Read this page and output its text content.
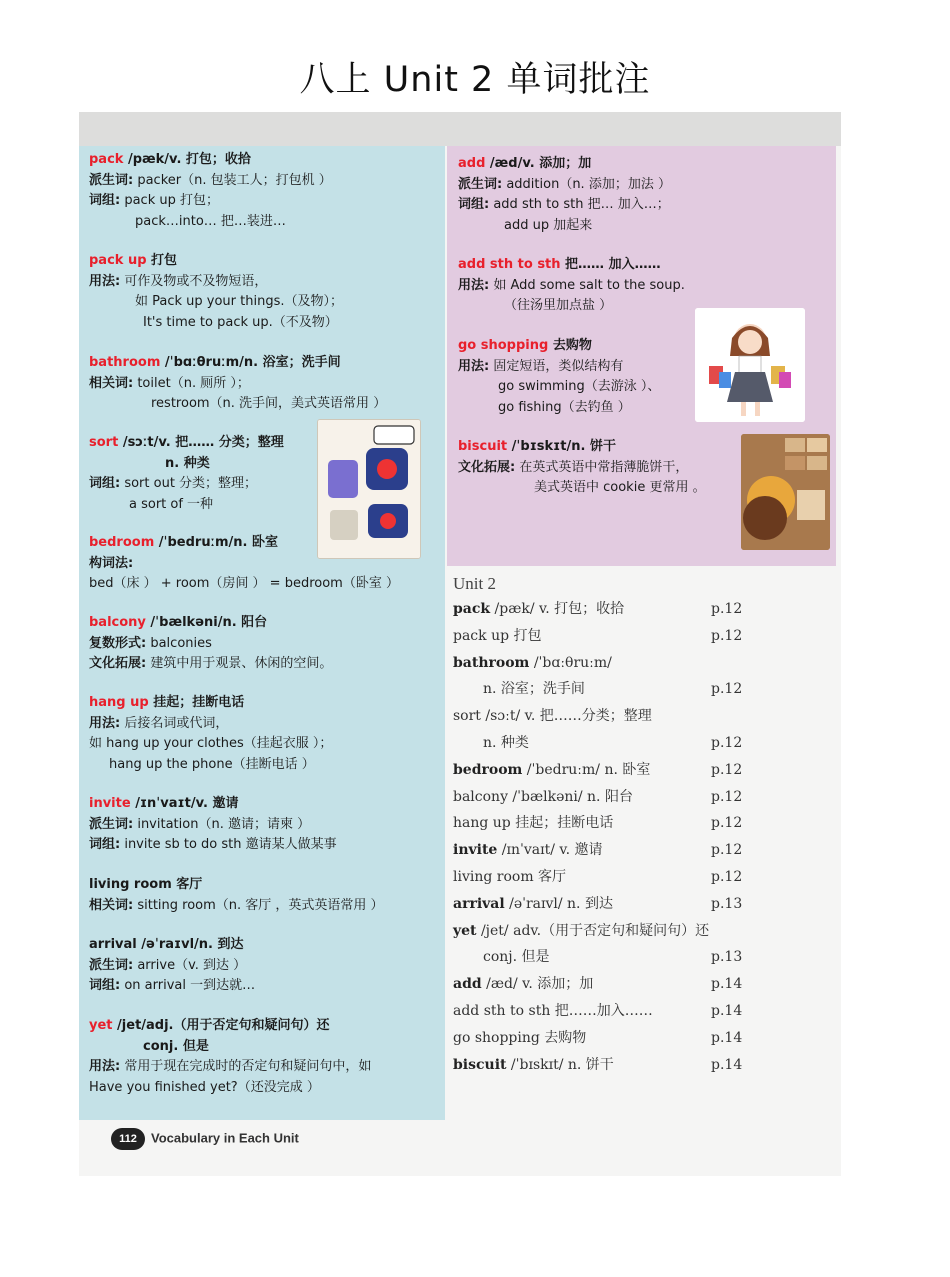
八上 Unit 2 单词批注
pack /pæk/v. 打包；收拾
派生词: packer（n. 包装工人；打包机 ）
词组: pack up 打包；
pack…into… 把…装进…
pack up 打包
用法: 可作及物或不及物短语，
如 Pack up your things.（及物）；
It's time to pack up.（不及物）
bathroom /ˈbɑːθruːm/n. 浴室；洗手间
相关词: toilet（n. 厕所 ）；
restroom（n. 洗手间，美式英语常用 ）
sort /sɔːt/v. 把…… 分类；整理
n. 种类
词组: sort out 分类；整理；
a sort of 一种
bedroom /ˈbedruːm/n. 卧室
构词法:
bed（床 ） + room（房间 ） = bedroom（卧室 ）
balcony /ˈbælkəni/n. 阳台
复数形式: balconies
文化拓展: 建筑中用于观景、休闲的空间。
hang up 挂起；挂断电话
用法: 后接名词或代词，
如 hang up your clothes（挂起衣服 ）；
hang up the phone（挂断电话 ）
invite /ɪnˈvaɪt/v. 邀请
派生词: invitation（n. 邀请；请柬 ）
词组: invite sb to do sth 邀请某人做某事
living room 客厅
相关词: sitting room（n. 客厅 ，英式英语常用 ）
arrival /əˈraɪvl/n. 到达
派生词: arrive（v. 到达 ）
词组: on arrival 一到达就…
yet /jet/adj.（用于否定句和疑问句）还
conj. 但是
用法: 常用于现在完成时的否定句和疑问句中，如
Have you finished yet?（还没完成 ）
add /æd/v. 添加；加
派生词: addition（n. 添加；加法 ）
词组: add sth to sth 把… 加入…；
add up 加起来
add sth to sth 把…… 加入……
用法: 如 Add some salt to the soup.
（往汤里加点盐 ）
go shopping 去购物
用法: 固定短语，类似结构有
go swimming（去游泳 ）、
go fishing（去钓鱼 ）
biscuit /ˈbɪskɪt/n. 饼干
文化拓展: 在英式英语中常指薄脆饼干，
美式英语中 cookie 更常用 。
Unit 2
pack /pæk/ v. 打包；收拾	p.12
pack up 打包	p.12
bathroom /ˈbɑːθruːm/
n. 浴室；洗手间	p.12
sort /sɔːt/ v. 把……分类；整理
n. 种类	p.12
bedroom /ˈbedruːm/ n. 卧室	p.12
balcony /ˈbælkəni/ n. 阳台	p.12
hang up 挂起；挂断电话	p.12
invite /ɪnˈvaɪt/ v. 邀请	p.12
living room 客厅	p.12
arrival /əˈraɪvl/ n. 到达	p.13
yet /jet/ adv.（用于否定句和疑问句）还
conj. 但是	p.13
add /æd/ v. 添加；加	p.14
add sth to sth 把……加入……	p.14
go shopping 去购物	p.14
biscuit /ˈbɪskɪt/ n. 饼干	p.14
112 Vocabulary in Each Unit
